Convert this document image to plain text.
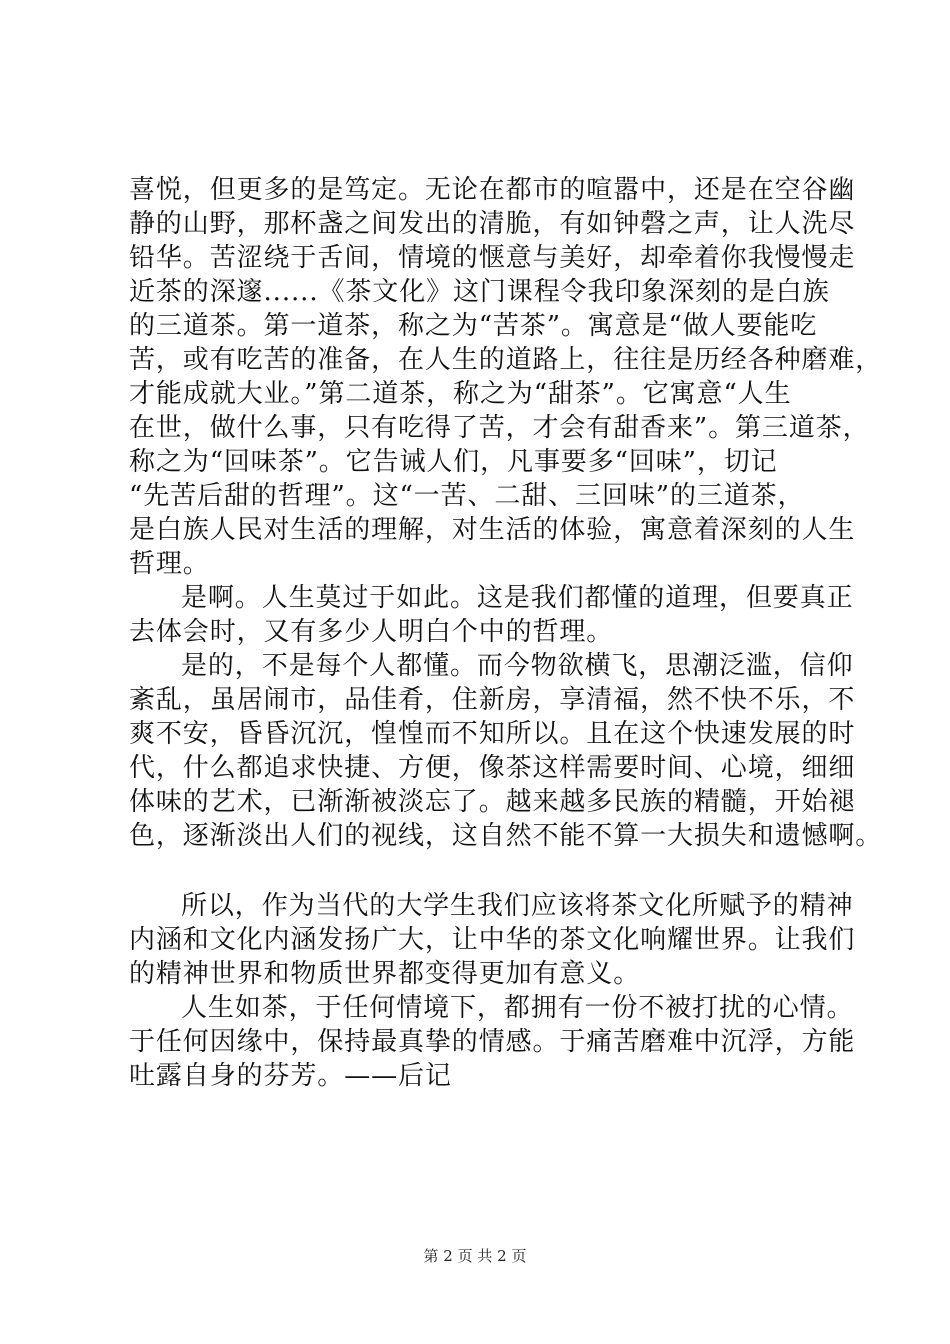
喜悦，但更多的是笃定。无论在都市的喧嚣中，还是在空谷幽
静的山野，那杯盏之间发出的清脆，有如钟磬之声，让人洗尽
铅华。苦涩绕于舌间，情境的惬意与美好，却牵着你我慢慢走
近茶的深邃......《茶文化》这门课程令我印象深刻的是白族
的三道茶。第一道茶，称之为“苦茶”。寓意是“做人要能吃
苦，或有吃苦的准备，在人生的道路上，往往是历经各种磨难，
才能成就大业。”第二道茶，称之为“甜茶”。它寓意“人生
在世，做什么事，只有吃得了苦，才会有甜香来”。第三道茶，
称之为“回味茶”。它告诫人们，凡事要多“回味”，切记
“先苦后甜的哲理”。这“一苦、二甜、三回味”的三道茶，
是白族人民对生活的理解，对生活的体验，寓意着深刻的人生
哲理。
是啊。人生莫过于如此。这是我们都懂的道理，但要真正
去体会时，又有多少人明白个中的哲理。
是的，不是每个人都懂。而今物欲横飞，思潮泛滥，信仰
紊乱，虽居闹市，品佳肴，住新房，享清福，然不快不乐，不
爽不安，昏昏沉沉，惶惶而不知所以。且在这个快速发展的时
代，什么都追求快捷、方便，像茶这样需要时间、心境，细细
体味的艺术，已渐渐被淡忘了。越来越多民族的精髓，开始褪
色，逐渐淡出人们的视线，这自然不能不算一大损失和遗憾啊。
所以，作为当代的大学生我们应该将茶文化所赋予的精神
内涵和文化内涵发扬广大，让中华的茶文化响耀世界。让我们
的精神世界和物质世界都变得更加有意义。
人生如茶，于任何情境下，都拥有一份不被打扰的心情。
于任何因缘中，保持最真挚的情感。于痛苦磨难中沉浮，方能
吐露自身的芬芳。——后记
第 2 页 共 2 页
